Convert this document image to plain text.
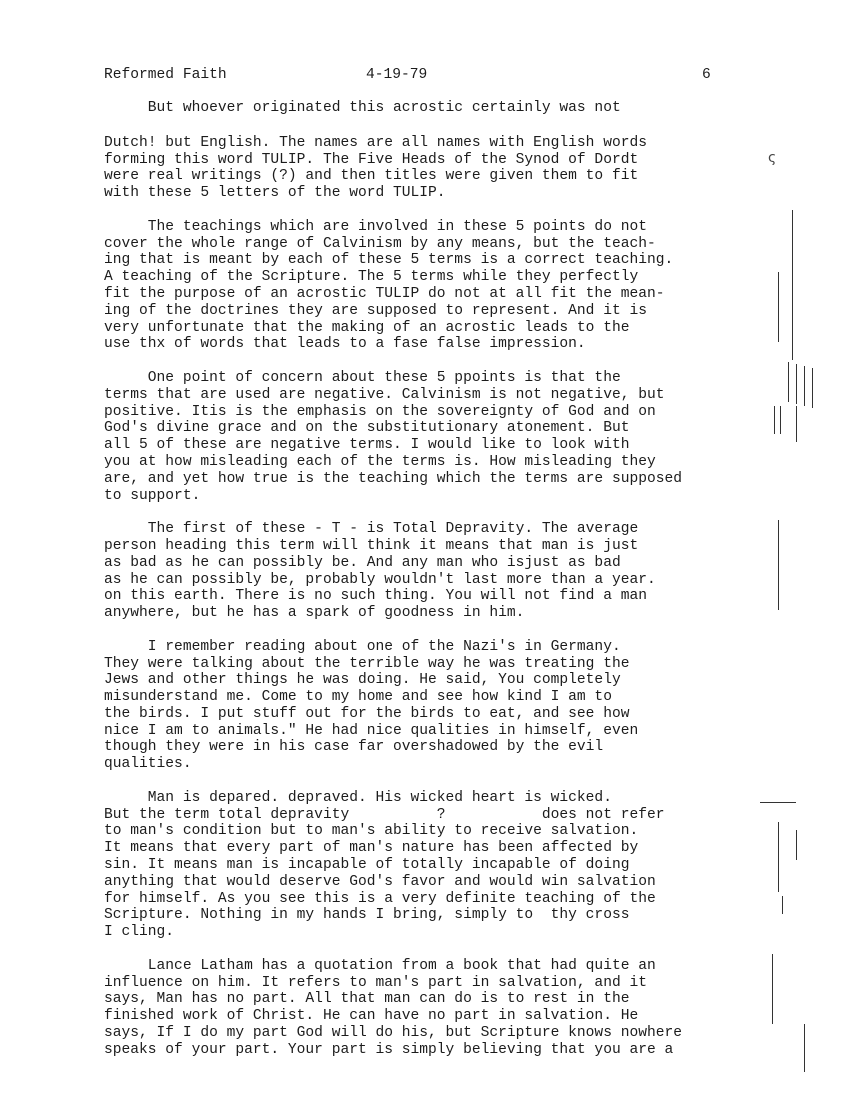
Reformed Faith	4-19-79	6
But whoever originated this acrostic certainly was not
Dutch! but English. The names are all names with English words
forming this word TULIP. The Five Heads of the Synod of Dordt
were real writings (?) and then titles were given them to fit
with these 5 letters of the word TULIP.
The teachings which are involved in these 5 points do not
cover the whole range of Calvinism by any means, but the teach-
ing that is meant by each of these 5 terms is a correct teaching.
A teaching of the Scripture. The 5 terms while they perfectly
fit the purpose of an acrostic TULIP do not at all fit the mean-
ing of the doctrines they are supposed to represent. And it is
very unfortunate that the making of an acrostic leads to the
use thx of words that leads to a fase false impression.
One point of concern about these 5 ppoints is that the
terms that are used are negative. Calvinism is not negative, but
positive. Itis is the emphasis on the sovereignty of God and on
God's divine grace and on the substitutionary atonement. But
all 5 of these are negative terms. I would like to look with
you at how misleading each of the terms is. How misleading they
are, and yet how true is the teaching which the terms are supposed
to support.
The first of these - T - is Total Depravity. The average
person heading this term will think it means that man is just
as bad as he can possibly be. And any man who isjust as bad
as he can possibly be, probably wouldn't last more than a year.
on this earth. There is no such thing. You will not find a man
anywhere, but he has a spark of goodness in him.
I remember reading about one of the Nazi's in Germany.
They were talking about the terrible way he was treating the
Jews and other things he was doing. He said, You completely
misunderstand me. Come to my home and see how kind I am to
the birds. I put stuff out for the birds to eat, and see how
nice I am to animals." He had nice qualities in himself, even
though they were in his case far overshadowed by the evil
qualities.
Man is depared. depraved. His wicked heart is wicked.
But the term total depravity          ?           does not refer
to man's condition but to man's ability to receive salvation.
It means that every part of man's nature has been affected by
sin. It means man is incapable of totally incapable of doing
anything that would deserve God's favor and would win salvation
for himself. As you see this is a very definite teaching of the
Scripture. Nothing in my hands I bring, simply to  thy cross
I cling.
Lance Latham has a quotation from a book that had quite an
influence on him. It refers to man's part in salvation, and it
says, Man has no part. All that man can do is to rest in the
finished work of Christ. He can have no part in salvation. He
says, If I do my part God will do his, but Scripture knows nowhere
speaks of your part. Your part is simply believing that you are a
ς
